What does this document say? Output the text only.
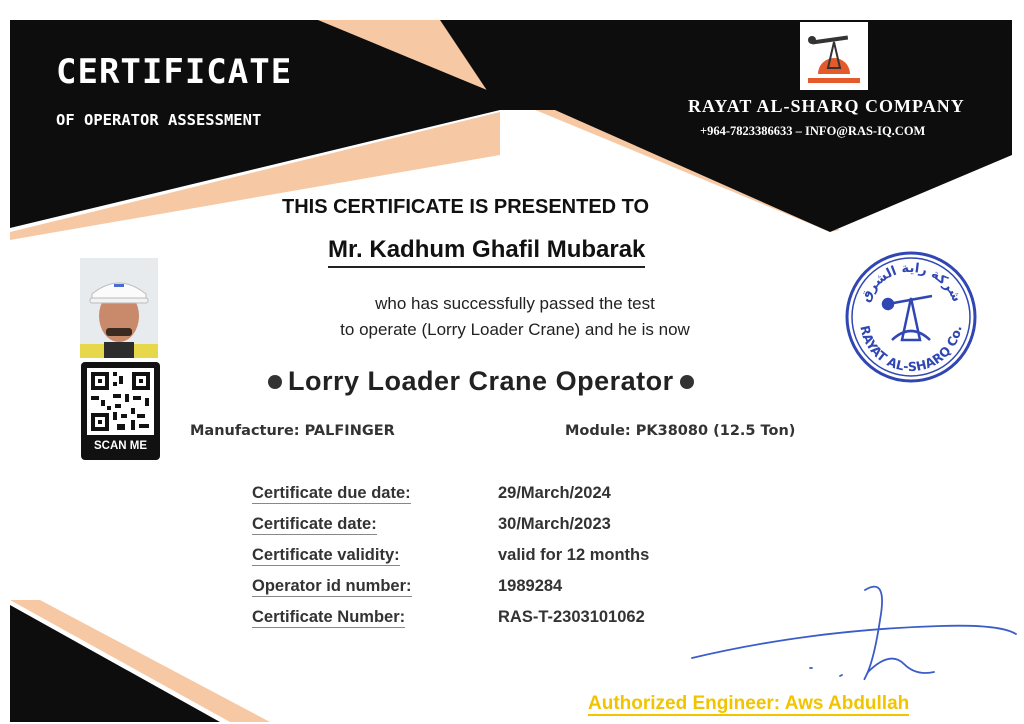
CERTIFICATE
OF OPERATOR ASSESSMENT
RAYAT AL-SHARQ COMPANY
+964-7823386633 – INFO@RAS-IQ.COM
THIS CERTIFICATE IS PRESENTED TO
Mr. Kadhum Ghafil Mubarak
who has successfully passed the test
to operate (Lorry Loader Crane) and he is now
Lorry Loader Crane Operator
Manufacture: PALFINGER	Module: PK38080 (12.5 Ton)
SCAN ME
شركة راية الشرق
RAYAT AL-SHARQ Co.
Certificate due date:	29/March/2024
Certificate date:	30/March/2023
Certificate validity:	valid for 12 months
Operator id number:	1989284
Certificate Number:	RAS-T-2303101062
Authorized Engineer: Aws Abdullah
